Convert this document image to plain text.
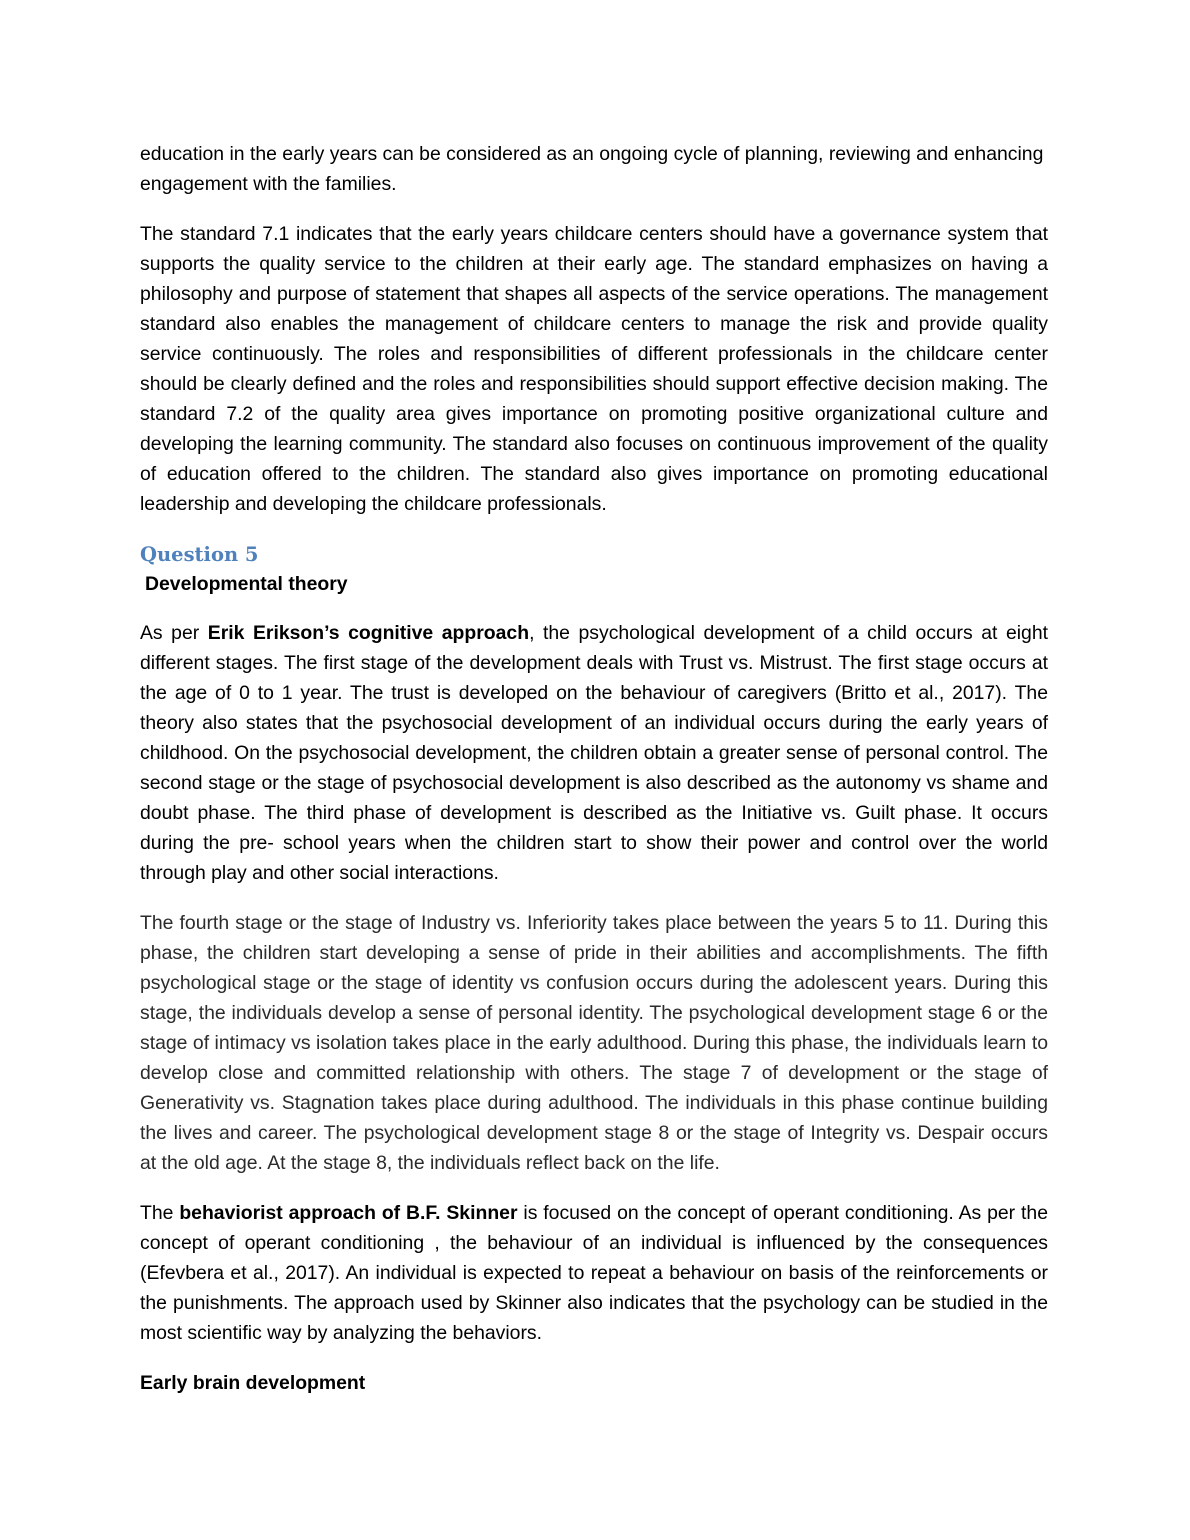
education in the early years can be considered as an ongoing cycle of planning, reviewing and enhancing engagement with the families.

The standard 7.1 indicates that the early years childcare centers should have a governance system that supports the quality service to the children at their early age. The standard emphasizes on having a philosophy and purpose of statement that shapes all aspects of the service operations. The management standard also enables the management of childcare centers to manage the risk and provide quality service continuously. The roles and responsibilities of different professionals in the childcare center should be clearly defined and the roles and responsibilities should support effective decision making. The standard 7.2 of the quality area gives importance on promoting positive organizational culture and developing the learning community. The standard also focuses on continuous improvement of the quality of education offered to the children. The standard also gives importance on promoting educational leadership and developing the childcare professionals.

Question 5
Developmental theory

As per Erik Erikson’s cognitive approach, the psychological development of a child occurs at eight different stages. The first stage of the development deals with Trust vs. Mistrust. The first stage occurs at the age of 0 to 1 year. The trust is developed on the behaviour of caregivers (Britto et al., 2017). The theory also states that the psychosocial development of an individual occurs during the early years of childhood. On the psychosocial development, the children obtain a greater sense of personal control. The second stage or the stage of psychosocial development is also described as the autonomy vs shame and doubt phase. The third phase of development is described as the Initiative vs. Guilt phase. It occurs during the pre- school years when the children start to show their power and control over the world through play and other social interactions.

The fourth stage or the stage of Industry vs. Inferiority takes place between the years 5 to 11. During this phase, the children start developing a sense of pride in their abilities and accomplishments. The fifth psychological stage or the stage of identity vs confusion occurs during the adolescent years. During this stage, the individuals develop a sense of personal identity. The psychological development stage 6 or the stage of intimacy vs isolation takes place in the early adulthood. During this phase, the individuals learn to develop close and committed relationship with others. The stage 7 of development or the stage of Generativity vs. Stagnation takes place during adulthood. The individuals in this phase continue building the lives and career. The psychological development stage 8 or the stage of Integrity vs. Despair occurs at the old age. At the stage 8, the individuals reflect back on the life.

The behaviorist approach of B.F. Skinner is focused on the concept of operant conditioning. As per the concept of operant conditioning , the behaviour of an individual is influenced by the consequences (Efevbera et al., 2017). An individual is expected to repeat a behaviour on basis of the reinforcements or the punishments. The approach used by Skinner also indicates that the psychology can be studied in the most scientific way by analyzing the behaviors.

Early brain development
